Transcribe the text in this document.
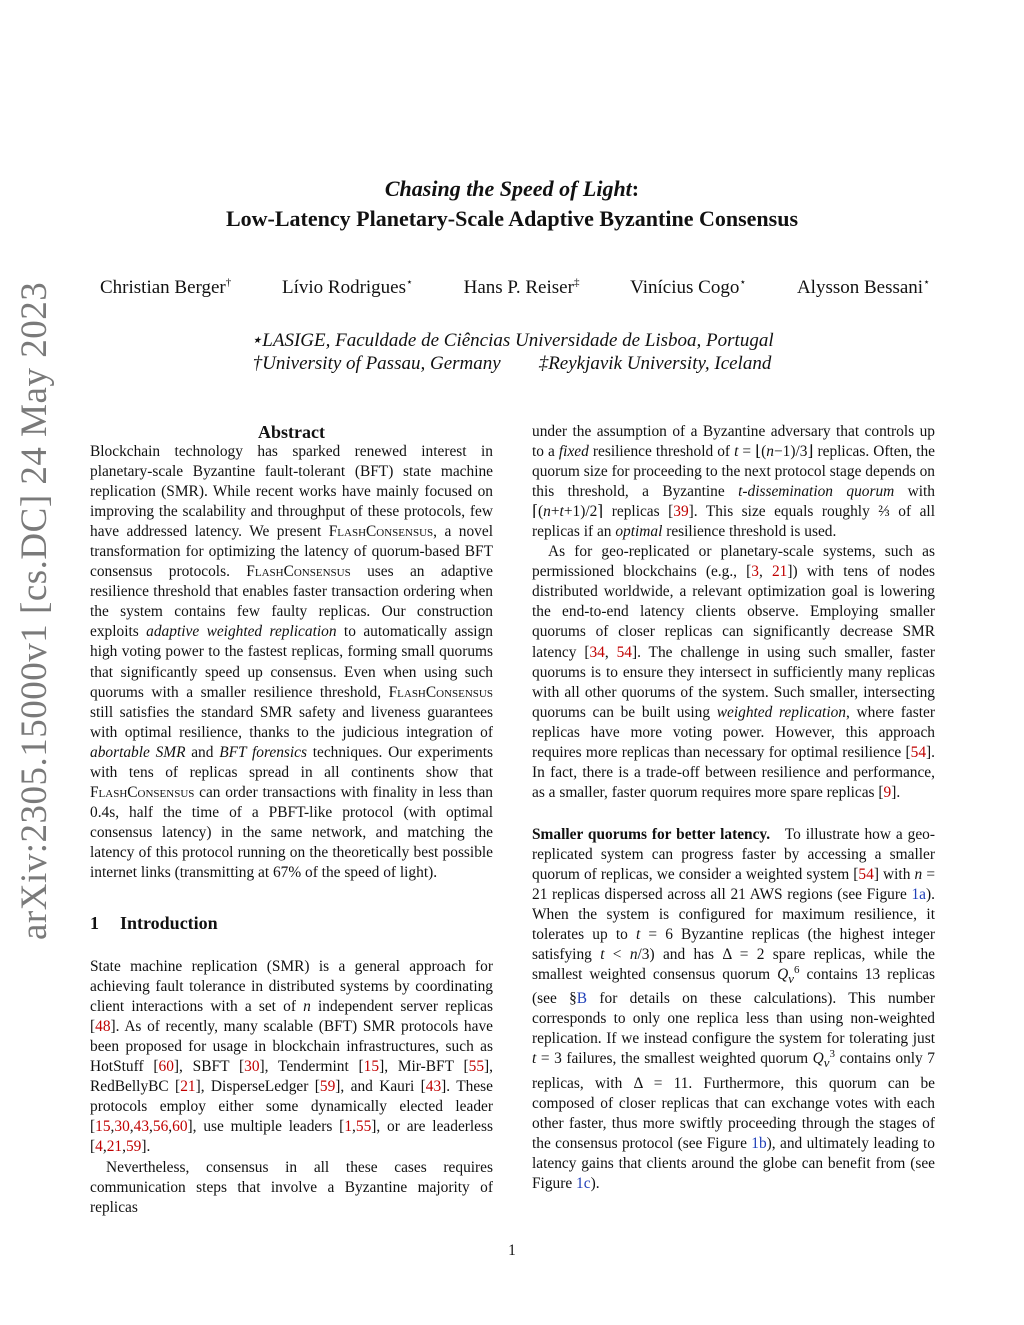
arXiv:2305.15000v1 [cs.DC] 24 May 2023
Chasing the Speed of Light:
Low-Latency Planetary-Scale Adaptive Byzantine Consensus
Christian Berger†	Lívio Rodrigues⋆	Hans P. Reiser‡	Vinícius Cogo⋆	Alysson Bessani⋆
⋆LASIGE, Faculdade de Ciências Universidade de Lisboa, Portugal
†University of Passau, Germany ‡Reykjavik University, Iceland
Abstract

Blockchain technology has sparked renewed interest in planetary-scale Byzantine fault-tolerant (BFT) state machine replication (SMR). While recent works have mainly focused on improving the scalability and throughput of these protocols, few have addressed latency. We present FlashConsensus, a novel transformation for optimizing the latency of quorum-based BFT consensus protocols. FlashConsensus uses an adaptive resilience threshold that enables faster transaction ordering when the system contains few faulty replicas. Our construction exploits adaptive weighted replication to automatically assign high voting power to the fastest replicas, forming small quorums that significantly speed up consensus. Even when using such quorums with a smaller resilience threshold, FlashConsensus still satisfies the standard SMR safety and liveness guarantees with optimal resilience, thanks to the judicious integration of abortable SMR and BFT forensics techniques. Our experiments with tens of replicas spread in all continents show that FlashConsensus can order transactions with finality in less than 0.4s, half the time of a PBFT-like protocol (with optimal consensus latency) in the same network, and matching the latency of this protocol running on the theoretically best possible internet links (transmitting at 67% of the speed of light).

1 Introduction

State machine replication (SMR) is a general approach for achieving fault tolerance in distributed systems by coordinating client interactions with a set of n independent server replicas [48]. As of recently, many scalable (BFT) SMR protocols have been proposed for usage in blockchain infrastructures, such as HotStuff [60], SBFT [30], Tendermint [15], Mir-BFT [55], RedBellyBC [21], DisperseLedger [59], and Kauri [43]. These protocols employ either some dynamically elected leader [15,30,43,56,60], use multiple leaders [1,55], or are leaderless [4,21,59].

Nevertheless, consensus in all these cases requires communication steps that involve a Byzantine majority of replicas

under the assumption of a Byzantine adversary that controls up to a fixed resilience threshold of t = ⌊(n−1)/3⌋ replicas. Often, the quorum size for proceeding to the next protocol stage depends on this threshold, a Byzantine t-dissemination quorum with ⌈(n+t+1)/2⌉ replicas [39]. This size equals roughly ⅔ of all replicas if an optimal resilience threshold is used.

As for geo-replicated or planetary-scale systems, such as permissioned blockchains (e.g., [3, 21]) with tens of nodes distributed worldwide, a relevant optimization goal is lowering the end-to-end latency clients observe. Employing smaller quorums of closer replicas can significantly decrease SMR latency [34, 54]. The challenge in using such smaller, faster quorums is to ensure they intersect in sufficiently many replicas with all other quorums of the system. Such smaller, intersecting quorums can be built using weighted replication, where faster replicas have more voting power. However, this approach requires more replicas than necessary for optimal resilience [54]. In fact, there is a trade-off between resilience and performance, as a smaller, faster quorum requires more spare replicas [9].

Smaller quorums for better latency. To illustrate how a geo-replicated system can progress faster by accessing a smaller quorum of replicas, we consider a weighted system [54] with n = 21 replicas dispersed across all 21 AWS regions (see Figure 1a). When the system is configured for maximum resilience, it tolerates up to t = 6 Byzantine replicas (the highest integer satisfying t < n/3) and has Δ = 2 spare replicas, while the smallest weighted consensus quorum $Q_v^6$ contains 13 replicas (see §B for details on these calculations). This number corresponds to only one replica less than using non-weighted replication. If we instead configure the system for tolerating just t = 3 failures, the smallest weighted quorum $Q_v^3$ contains only 7 replicas, with Δ = 11. Furthermore, this quorum can be composed of closer replicas that can exchange votes with each other faster, thus more swiftly proceeding through the stages of the consensus protocol (see Figure 1b), and ultimately leading to latency gains that clients around the globe can benefit from (see Figure 1c).

1
